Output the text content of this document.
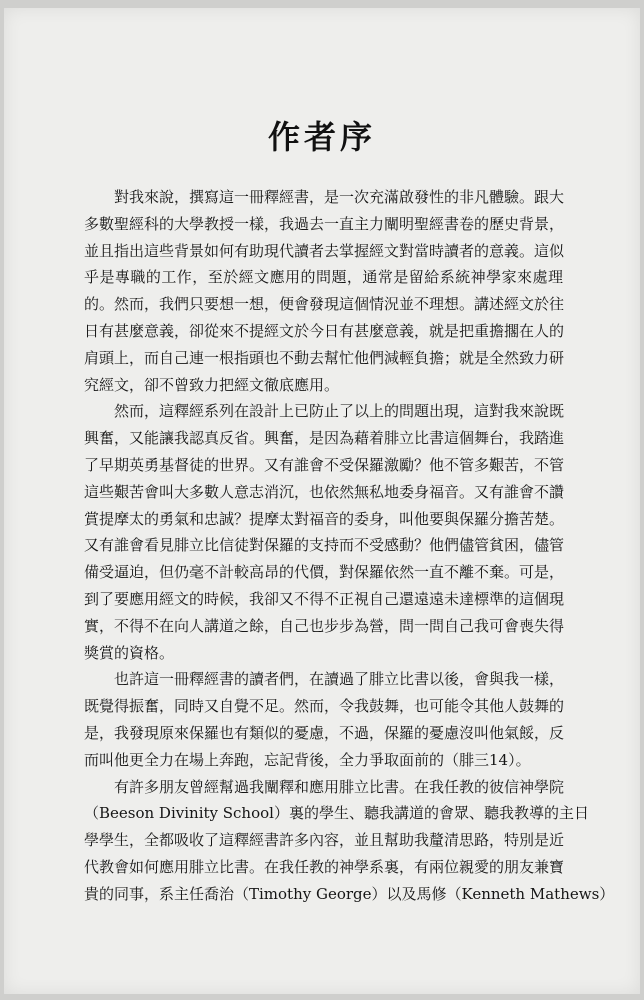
作者序
對我來說，撰寫這一冊釋經書，是一次充滿啟發性的非凡體驗。跟大
多數聖經科的大學教授一樣，我過去一直主力闡明聖經書卷的歷史背景，
並且指出這些背景如何有助現代讀者去掌握經文對當時讀者的意義。這似
乎是專職的工作，至於經文應用的問題，通常是留給系統神學家來處理
的。然而，我們只要想一想，便會發現這個情況並不理想。講述經文於往
日有甚麼意義，卻從來不提經文於今日有甚麼意義，就是把重擔擱在人的
肩頭上，而自己連一根指頭也不動去幫忙他們減輕負擔；就是全然致力研
究經文，卻不曾致力把經文徹底應用。
然而，這釋經系列在設計上已防止了以上的問題出現，這對我來說既
興奮，又能讓我認真反省。興奮，是因為藉着腓立比書這個舞台，我踏進
了早期英勇基督徒的世界。又有誰會不受保羅激勵？他不管多艱苦，不管
這些艱苦會叫大多數人意志消沉，也依然無私地委身福音。又有誰會不讚
賞提摩太的勇氣和忠誠？提摩太對福音的委身，叫他要與保羅分擔苦楚。
又有誰會看見腓立比信徒對保羅的支持而不受感動？他們儘管貧困，儘管
備受逼迫，但仍毫不計較高昂的代價，對保羅依然一直不離不棄。可是，
到了要應用經文的時候，我卻又不得不正視自己還遠遠未達標準的這個現
實，不得不在向人講道之餘，自己也步步為營，問一問自己我可會喪失得
獎賞的資格。
也許這一冊釋經書的讀者們，在讀過了腓立比書以後，會與我一樣，
既覺得振奮，同時又自覺不足。然而，令我鼓舞，也可能令其他人鼓舞的
是，我發現原來保羅也有類似的憂慮，不過，保羅的憂慮沒叫他氣餒，反
而叫他更全力在場上奔跑，忘記背後，全力爭取面前的（腓三14）。
有許多朋友曾經幫過我闡釋和應用腓立比書。在我任教的彼信神學院
（Beeson Divinity School）裏的學生、聽我講道的會眾、聽我教導的主日
學學生，全都吸收了這釋經書許多內容，並且幫助我釐清思路，特別是近
代教會如何應用腓立比書。在我任教的神學系裏，有兩位親愛的朋友兼寶
貴的同事，系主任喬治（Timothy George）以及馬修（Kenneth Mathews）
